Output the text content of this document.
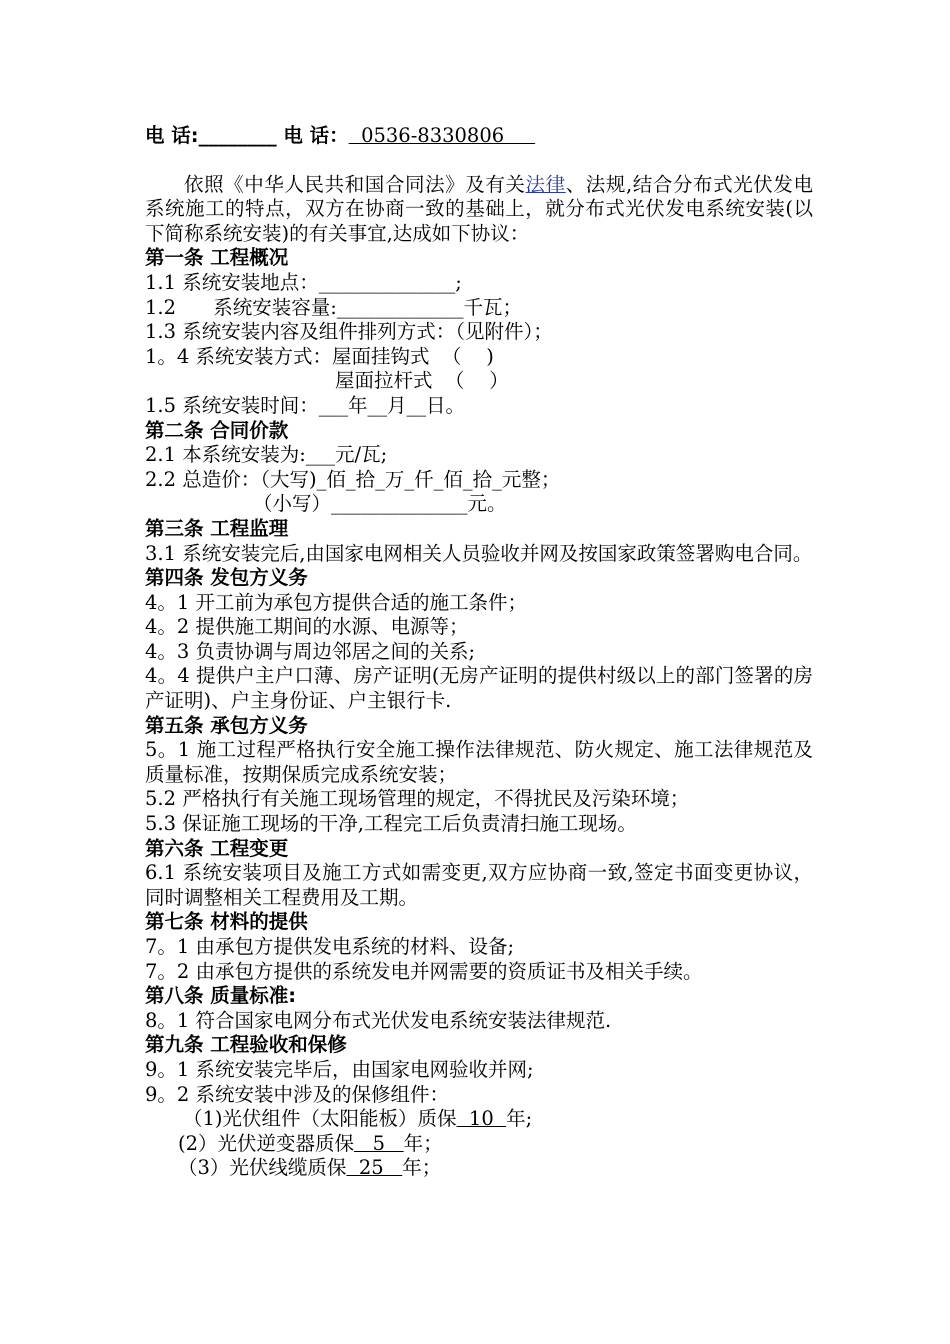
电 话:________ 电 话：  0536-8330806
依照《中华人民共和国合同法》及有关法律、法规,结合分布式光伏发电系统施工的特点，双方在协商一致的基础上，就分布式光伏发电系统安装(以下简称系统安装)的有关事宜,达成如下协议：
第一条 工程概况
1.1 系统安装地点：______________;
1.2      系统安装容量:_____________千瓦；
1.3 系统安装内容及组件排列方式：（见附件）；
1。4 系统安装方式：屋面挂钩式  （    )
屋面拉杆式  （    ）
1.5 系统安装时间：___年__月__日。
第二条 合同价款
2.1 本系统安装为:___元/瓦;
2.2 总造价：（大写)_佰_拾_万_仟_佰_拾_元整；
（小写）______________元。
第三条 工程监理
3.1 系统安装完后,由国家电网相关人员验收并网及按国家政策签署购电合同。
第四条 发包方义务
4。1 开工前为承包方提供合适的施工条件；
4。2 提供施工期间的水源、电源等；
4。3 负责协调与周边邻居之间的关系;
4。4 提供户主户口薄、房产证明(无房产证明的提供村级以上的部门签署的房产证明)、户主身份证、户主银行卡.
第五条 承包方义务
5。1 施工过程严格执行安全施工操作法律规范、防火规定、施工法律规范及质量标准，按期保质完成系统安装；
5.2 严格执行有关施工现场管理的规定，不得扰民及污染环境；
5.3 保证施工现场的干净,工程完工后负责清扫施工现场。
第六条 工程变更
6.1 系统安装项目及施工方式如需变更,双方应协商一致,签定书面变更协议，同时调整相关工程费用及工期。
第七条 材料的提供
7。1 由承包方提供发电系统的材料、设备;
7。2 由承包方提供的系统发电并网需要的资质证书及相关手续。
第八条 质量标准:
8。1 符合国家电网分布式光伏发电系统安装法律规范.
第九条 工程验收和保修
9。1 系统安装完毕后，由国家电网验收并网;
9。2 系统安装中涉及的保修组件：
（1)光伏组件（太阳能板）质保  10  年;
(2）光伏逆变器质保   5   年；
（3）光伏线缆质保  25   年；
